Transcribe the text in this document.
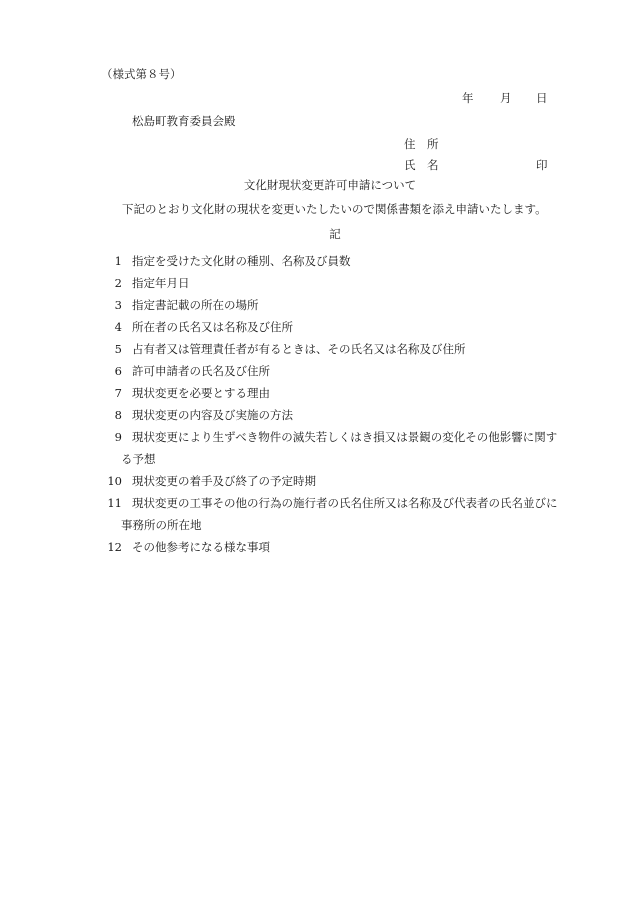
（様式第８号）
年 月 日
松島町教育委員会殿
住　所
氏　名	印
文化財現状変更許可申請について
下記のとおり文化財の現状を変更いたしたいので関係書類を添え申請いたします。
記
1 指定を受けた文化財の種別、名称及び員数
2 指定年月日
3 指定書記載の所在の場所
4 所在者の氏名又は名称及び住所
5 占有者又は管理責任者が有るときは、その氏名又は名称及び住所
6 許可申請者の氏名及び住所
7 現状変更を必要とする理由
8 現状変更の内容及び実施の方法
9 現状変更により生ずべき物件の滅失若しくはき損又は景観の変化その他影響に関す
る予想
10 現状変更の着手及び終了の予定時期
11 現状変更の工事その他の行為の施行者の氏名住所又は名称及び代表者の氏名並びに
事務所の所在地
12 その他参考になる様な事項
